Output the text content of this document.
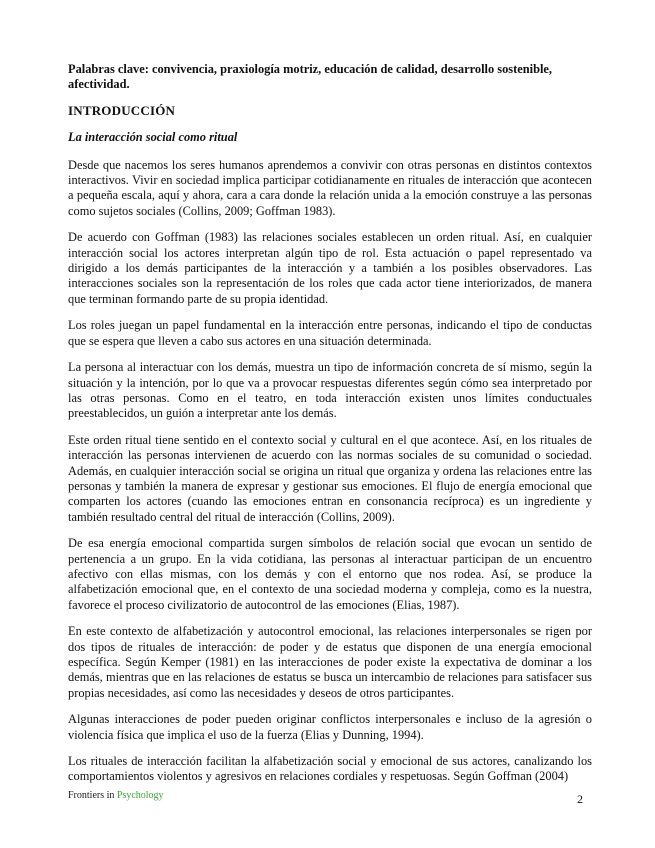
Palabras clave: convivencia, praxiología motriz, educación de calidad, desarrollo sostenible, afectividad.

INTRODUCCIÓN

La interacción social como ritual

Desde que nacemos los seres humanos aprendemos a convivir con otras personas en distintos contextos interactivos. Vivir en sociedad implica participar cotidianamente en rituales de interacción que acontecen a pequeña escala, aquí y ahora, cara a cara donde la relación unida a la emoción construye a las personas como sujetos sociales (Collins, 2009; Goffman 1983).

De acuerdo con Goffman (1983) las relaciones sociales establecen un orden ritual. Así, en cualquier interacción social los actores interpretan algún tipo de rol. Esta actuación o papel representado va dirigido a los demás participantes de la interacción y a también a los posibles observadores. Las interacciones sociales son la representación de los roles que cada actor tiene interiorizados, de manera que terminan formando parte de su propia identidad.

Los roles juegan un papel fundamental en la interacción entre personas, indicando el tipo de conductas que se espera que lleven a cabo sus actores en una situación determinada.

La persona al interactuar con los demás, muestra un tipo de información concreta de sí mismo, según la situación y la intención, por lo que va a provocar respuestas diferentes según cómo sea interpretado por las otras personas. Como en el teatro, en toda interacción existen unos límites conductuales preestablecidos, un guión a interpretar ante los demás.

Este orden ritual tiene sentido en el contexto social y cultural en el que acontece. Así, en los rituales de interacción las personas intervienen de acuerdo con las normas sociales de su comunidad o sociedad. Además, en cualquier interacción social se origina un ritual que organiza y ordena las relaciones entre las personas y también la manera de expresar y gestionar sus emociones. El flujo de energía emocional que comparten los actores (cuando las emociones entran en consonancia recíproca) es un ingrediente y también resultado central del ritual de interacción (Collins, 2009).

De esa energía emocional compartida surgen símbolos de relación social que evocan un sentido de pertenencia a un grupo. En la vida cotidiana, las personas al interactuar participan de un encuentro afectivo con ellas mismas, con los demás y con el entorno que nos rodea. Así, se produce la alfabetización emocional que, en el contexto de una sociedad moderna y compleja, como es la nuestra, favorece el proceso civilizatorio de autocontrol de las emociones (Elias, 1987).

En este contexto de alfabetización y autocontrol emocional, las relaciones interpersonales se rigen por dos tipos de rituales de interacción: de poder y de estatus que disponen de una energía emocional específica. Según Kemper (1981) en las interacciones de poder existe la expectativa de dominar a los demás, mientras que en las relaciones de estatus se busca un intercambio de relaciones para satisfacer sus propias necesidades, así como las necesidades y deseos de otros participantes.

Algunas interacciones de poder pueden originar conflictos interpersonales e incluso de la agresión o violencia física que implica el uso de la fuerza (Elias y Dunning, 1994).

Los rituales de interacción facilitan la alfabetización social y emocional de sus actores, canalizando los comportamientos violentos y agresivos en relaciones cordiales y respetuosas. Según Goffman (2004)

Frontiers in Psychology	2
